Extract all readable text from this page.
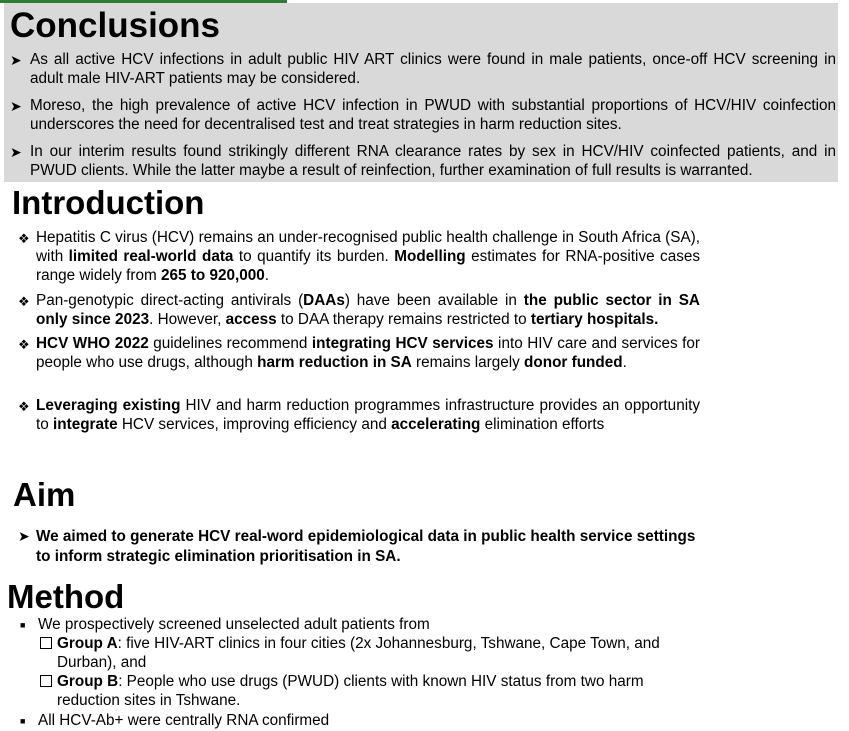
Conclusions
➤ As all active HCV infections in adult public HIV ART clinics were found in male patients, once-off HCV screening in adult male HIV-ART patients may be considered.
➤ Moreso, the high prevalence of active HCV infection in PWUD with substantial proportions of HCV/HIV coinfection underscores the need for decentralised test and treat strategies in harm reduction sites.
➤ In our interim results found strikingly different RNA clearance rates by sex in HCV/HIV coinfected patients, and in PWUD clients. While the latter maybe a result of reinfection, further examination of full results is warranted.
Introduction
❖ Hepatitis C virus (HCV) remains an under-recognised public health challenge in South Africa (SA), with limited real-world data to quantify its burden. Modelling estimates for RNA-positive cases range widely from 265 to 920,000.
❖ Pan-genotypic direct-acting antivirals (DAAs) have been available in the public sector in SA only since 2023. However, access to DAA therapy remains restricted to tertiary hospitals.
❖ HCV WHO 2022 guidelines recommend integrating HCV services into HIV care and services for people who use drugs, although harm reduction in SA remains largely donor funded.
❖ Leveraging existing HIV and harm reduction programmes infrastructure provides an opportunity to integrate HCV services, improving efficiency and accelerating elimination efforts
Aim
➤ We aimed to generate HCV real-word epidemiological data in public health service settings to inform strategic elimination prioritisation in SA.
Method
■ We prospectively screened unselected adult patients from
Group A: five HIV-ART clinics in four cities (2x Johannesburg, Tshwane, Cape Town, and Durban), and
Group B: People who use drugs (PWUD) clients with known HIV status from two harm reduction sites in Tshwane.
■ All HCV-Ab+ were centrally RNA confirmed
